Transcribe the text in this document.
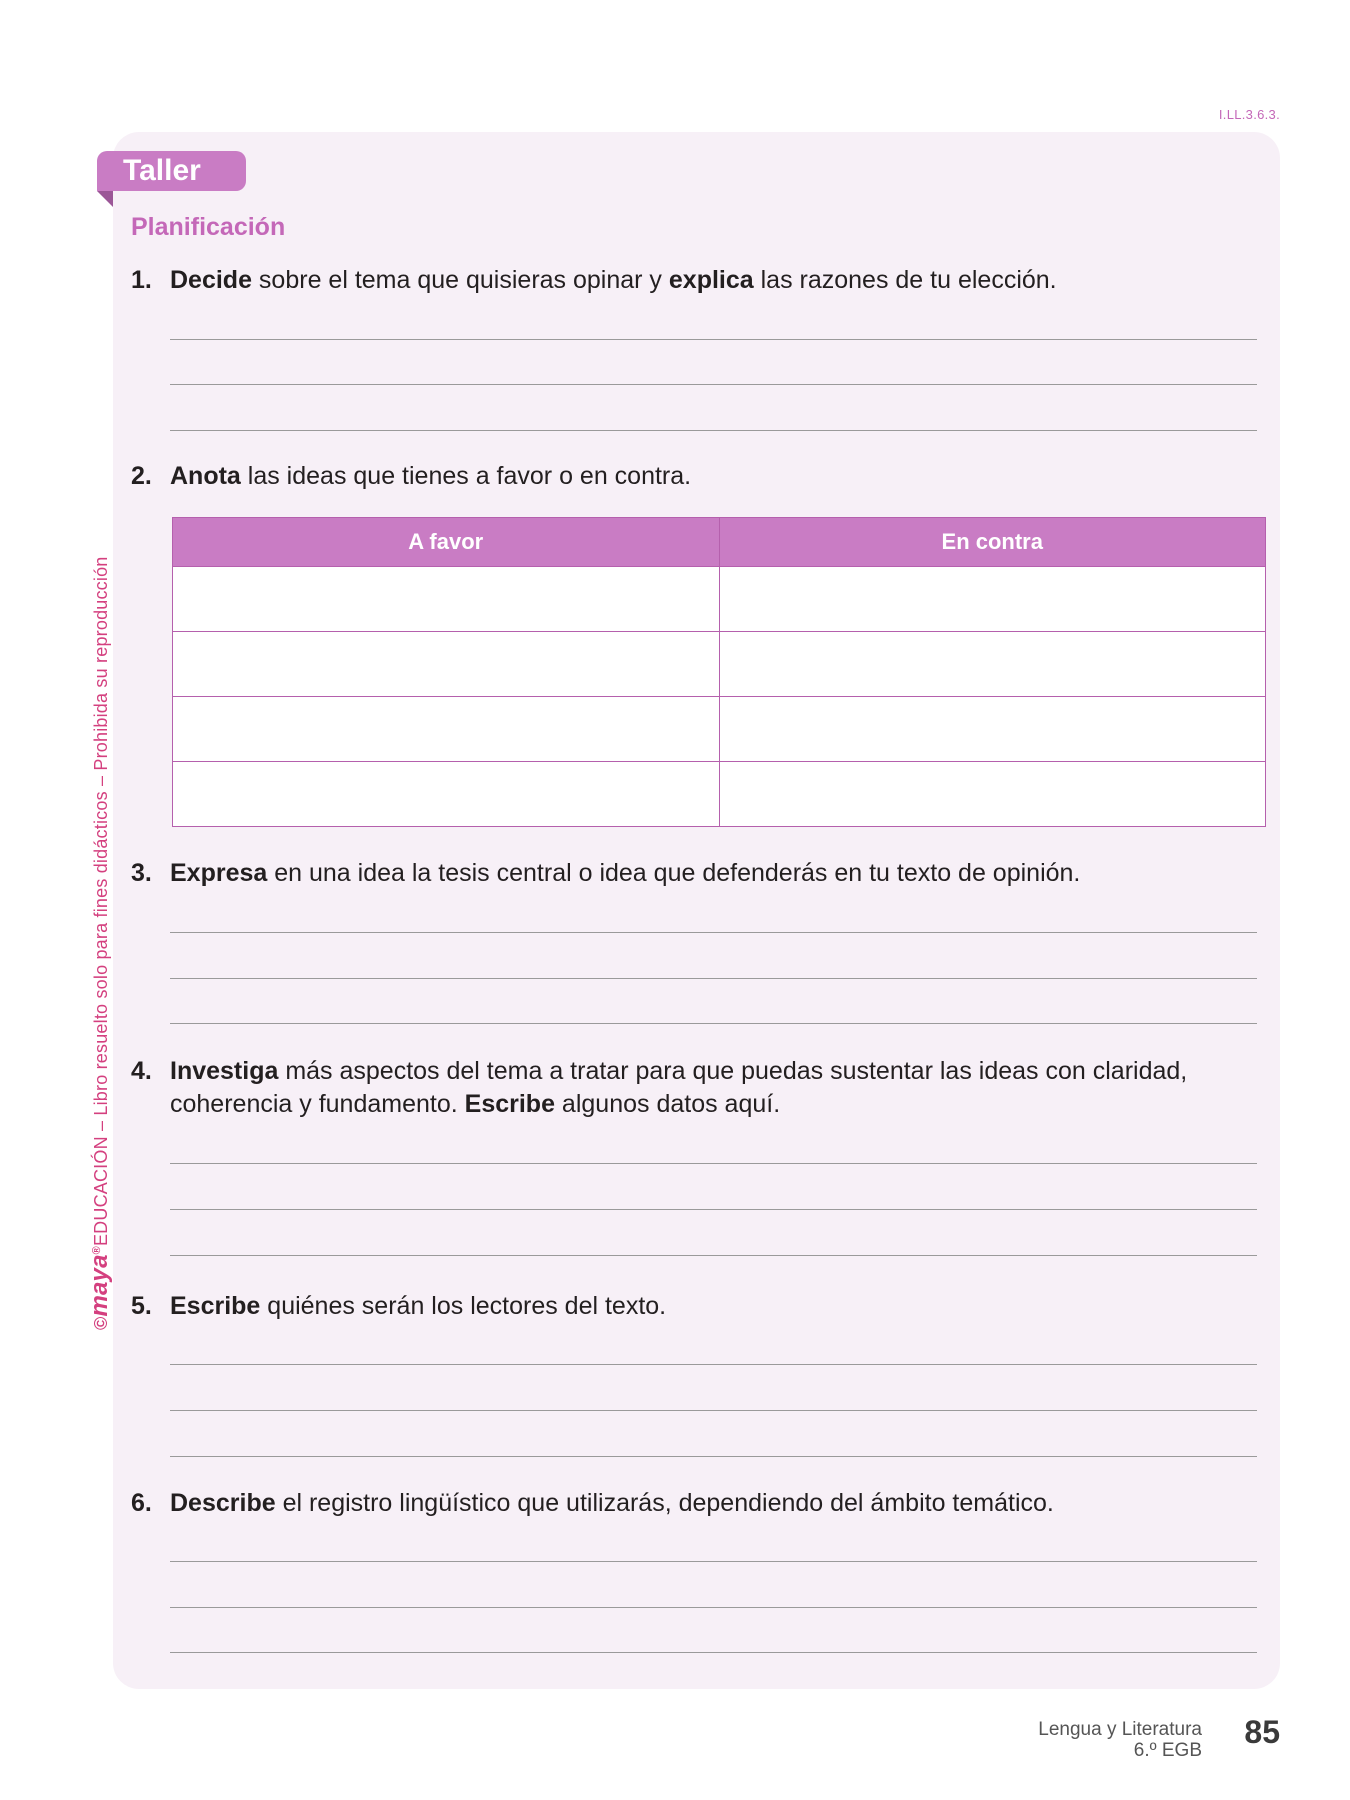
I.LL.3.6.3.
Taller
Planificación
1. Decide sobre el tema que quisieras opinar y explica las razones de tu elección.
2. Anota las ideas que tienes a favor o en contra.
A favor	En contra

3. Expresa en una idea la tesis central o idea que defenderás en tu texto de opinión.
4. Investiga más aspectos del tema a tratar para que puedas sustentar las ideas con claridad, coherencia y fundamento. Escribe algunos datos aquí.
5. Escribe quiénes serán los lectores del texto.
6. Describe el registro lingüístico que utilizarás, dependiendo del ámbito temático.
©maya®EDUCACIÓN – Libro resuelto solo para fines didácticos – Prohibida su reproducción
Lengua y Literatura
6.º EGB
85
